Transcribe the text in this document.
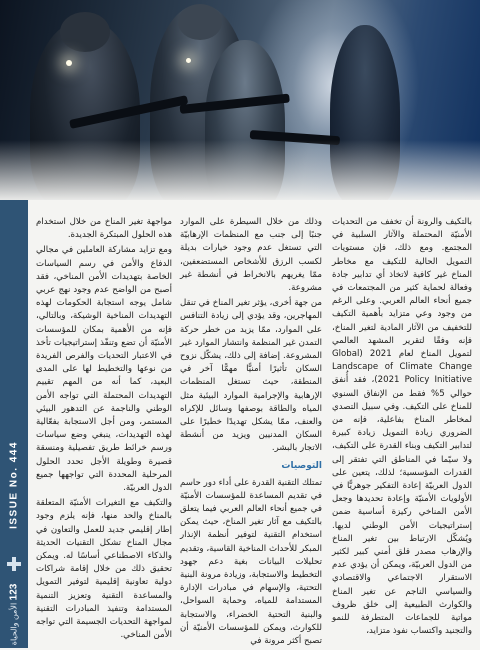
ISSUE No. 444
123
الأمن والحياة

بالتكيف والرونة أن تخفف من التحديات الأمنيّة المحتملة والآثار السلبية في المجتمع. ومع ذلك، فإن مستويات التمويل الحالية للتكيف مع مخاطر المناخ غير كافية لاتخاذ أي تدابير جادة وفعالة لحماية كثير من المجتمعات في جميع أنحاء العالم العربي. وعلى الرغم من وجود وعي متزايد بأهمية التكيف للتخفيف من الآثار المادية لتغير المناخ، فإنه وفقًا لتقرير المشهد العالمي لتمويل المناخ لعام 2021 (Global Landscape of Climate Change 2021 Policy Initiative)، فقد أُنفق حوالي 5% فقط من الإنفاق السنوي للمناخ على التكيف. وفي سبيل التصدي لمخاطر المناخ بفاعلية، فإنه من الضروري زيادة التمويل زيادة كبيرة لتدابير التكيف وبناء القدرة على التكيف، ولا سيّما في المناطق التي تفتقر إلى القدرات المؤسسية؛ لذلك، يتعين على الدول العربيّة إعادة التفكير جوهريًّا في الأولويات الأمنيّة وإعادة تحديدها وجعل الأمن المناخي ركيزة أساسية ضمن إستراتيجيات الأمن الوطني لديها. ويُشكّل الارتباط بين تغير المناخ والإرهاب مصدر قلق أمني كبير لكثير من الدول العربيّة، ويمكن أن يؤدي عدم الاستقرار الاجتماعي والاقتصادي والسياسي الناجم عن تغير المناخ والكوارث الطبيعية إلى خلق ظروف مواتية للجماعات المتطرفة للنمو والتجنيد واكتساب نفوذ متزايد،

وذلك من خلال السيطرة على الموارد جنبًا إلى جنب مع المنظمات الإرهابيّة التي تستغل عدم وجود خيارات بديلة لكسب الرزق للأشخاص المستضعفين، ممّا يغريهم بالانخراط في أنشطة غير مشروعة.

من جهة أخرى، يؤثر تغير المناخ في تنقل المهاجرين، وقد يؤدي إلى زيادة التنافس على الموارد، ممّا يزيد من خطر حركة التمدن غير المنظمة وانتشار الموارد غير المشروعة. إضافة إلى ذلك، يشكّل نزوح السكان تأثيرًا أمنيًّا مهمًّا آخر في المنطقة، حيث تستغل المنظمات الإرهابية والإجرامية الموارد البيئية مثل المياه والطاقة بوصفها وسائل للإكراه والعنف، ممّا يشكل تهديدًا خطيرًا على السكان المدنيين ويزيد من أنشطة الاتجار بالبشر.

التوصيات

تمتلك التقنية القدرة على أداء دور حاسم في تقديم المساعدة للمؤسسات الأمنيّة في جميع أنحاء العالم العربي فيما يتعلق بالتكيف مع آثار تغير المناخ، حيث يمكن استخدام التقنية لتوفير أنظمة الإنذار المبكر للأحداث المناخية القاسية، وتقديم تحليلات البيانات بغية دعم جهود التخطيط والاستجابة، وزيادة مرونة البنية التحتية، والإسهام في مبادرات الإدارة المستدامة للمياه، وحماية السواحل، والبنية التحتية الخضراء، والاستجابة للكوارث، ويمكن للمؤسسات الأمنيّة أن تصبح أكثر مرونة في

مواجهة تغير المناخ من خلال استخدام هذه الحلول المبتكرة الجديدة.

ومع تزايد مشاركة العاملين في مجالي الدفاع والأمن في رسم السياسات الخاصة بتهديدات الأمن المناخي، فقد أصبح من الواضح عدم وجود نهج عربي شامل يوجه استجابة الحكومات لهذه التهديدات المناخية الوشيكة، وبالتالي، فإنه من الأهمية بمكان للمؤسسات الأمنيّة أن تضع وتنفّذ إستراتيجيات تأخذ في الاعتبار التحديات والفرص الفريدة من نوعها والتخطيط لها على المدى البعيد، كما أنه من المهم تقييم التهديدات المحتملة التي تواجه الأمن الوطني والناجمة عن التدهور البيئي المستمر، ومن أجل الاستجابة بفعّالية لهذه التهديدات، ينبغي وضع سياسات ورسم خرائط طريق تفصيلية ومنسقة قصيرة وطويلة الأجل تحدد الحلول المرحلية المحددة التي تواجهها جميع الدول العربيّة.

والتكيف مع التغيرات الأمنيّة المتعلقة بالمناخ والحد منها، فإنه يلزم وجود إطار إقليمي جديد للعمل والتعاون في مجال المناخ تشكل التقنيات الحديثة والذكاء الاصطناعي أساسًا له. ويمكن تحقيق ذلك من خلال إقامة شراكات دولية تعاونية إقليمية لتوفير التمويل والمساعدة التقنية وتعزيز التنمية المستدامة وتنفيذ المبادرات التقنية لمواجهة التحديات الجسيمة التي تواجه الأمن المناخي.
